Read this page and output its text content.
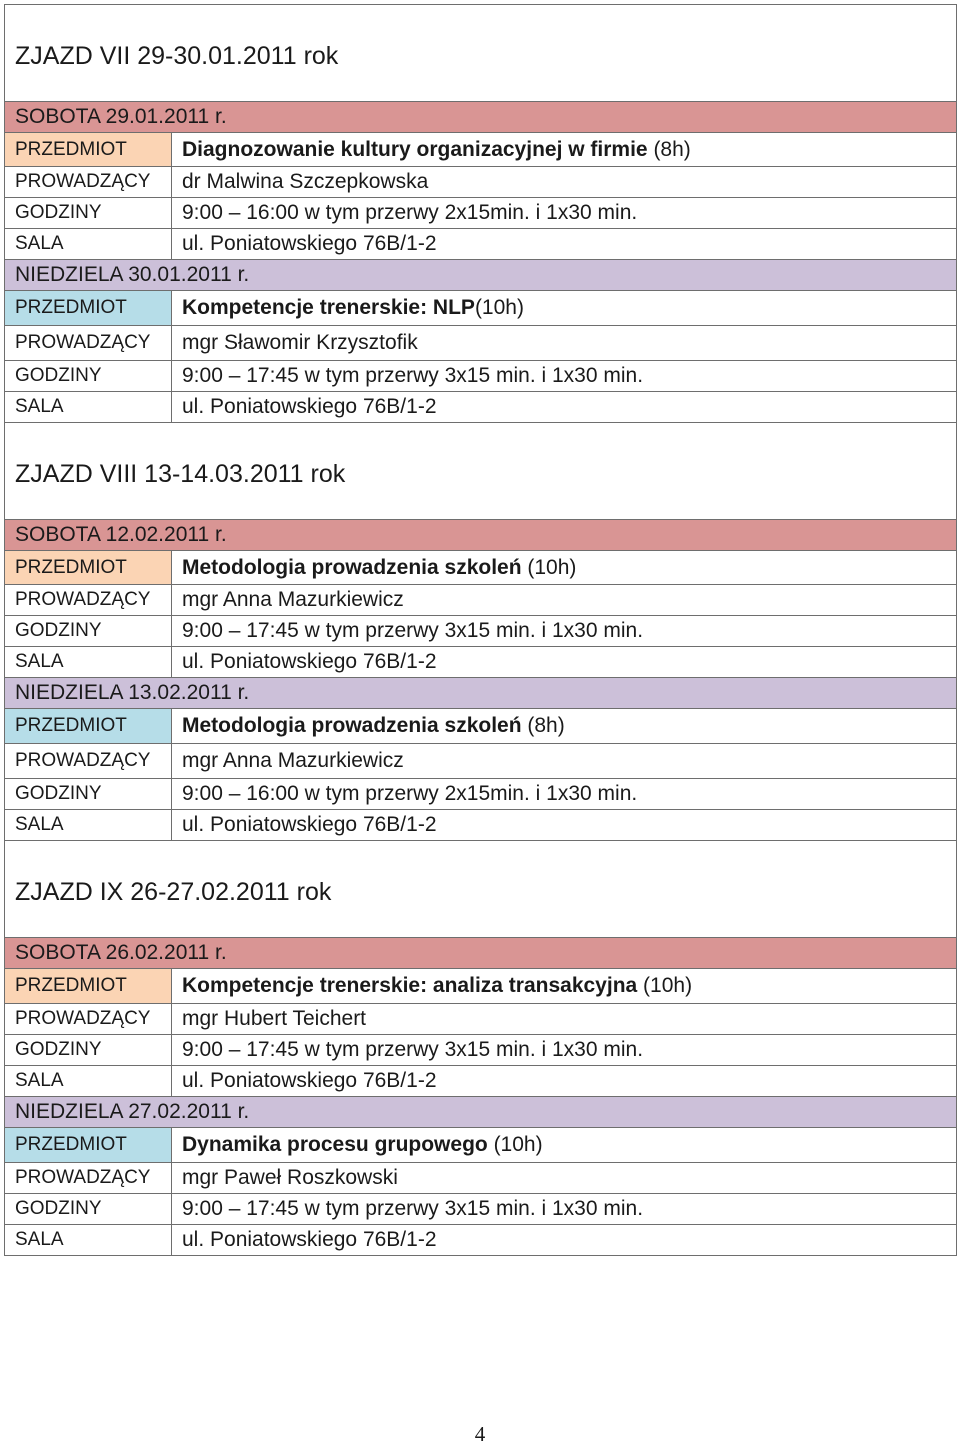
ZJAZD VII 29-30.01.2011 rok	

SOBOTA 29.01.2011 r.	
PRZEDMIOT	Diagnozowanie kultury organizacyjnej w firmie (8h)
PROWADZĄCY	dr Malwina Szczepkowska
GODZINY	9:00 – 16:00 w tym przerwy 2x15min. i 1x30 min.
SALA	ul. Poniatowskiego 76B/1-2
NIEDZIELA 30.01.2011 r.	
PRZEDMIOT	Kompetencje trenerskie: NLP(10h)
PROWADZĄCY	mgr Sławomir Krzysztofik
GODZINY	9:00 – 17:45 w tym przerwy 3x15 min. i 1x30 min.
SALA	ul. Poniatowskiego 76B/1-2

ZJAZD VIII 13-14.03.2011 rok	

SOBOTA 12.02.2011 r.	
PRZEDMIOT	Metodologia prowadzenia szkoleń (10h)
PROWADZĄCY	mgr Anna Mazurkiewicz
GODZINY	9:00 – 17:45 w tym przerwy 3x15 min. i 1x30 min.
SALA	ul. Poniatowskiego 76B/1-2
NIEDZIELA 13.02.2011 r.	
PRZEDMIOT	Metodologia prowadzenia szkoleń (8h)
PROWADZĄCY	mgr Anna Mazurkiewicz
GODZINY	9:00 – 16:00 w tym przerwy 2x15min. i 1x30 min.
SALA	ul. Poniatowskiego 76B/1-2

ZJAZD IX 26-27.02.2011 rok	

SOBOTA 26.02.2011 r.	
PRZEDMIOT	Kompetencje trenerskie: analiza transakcyjna (10h)
PROWADZĄCY	mgr Hubert Teichert
GODZINY	9:00 – 17:45 w tym przerwy 3x15 min. i 1x30 min.
SALA	ul. Poniatowskiego 76B/1-2
NIEDZIELA 27.02.2011 r.	
PRZEDMIOT	Dynamika procesu grupowego (10h)
PROWADZĄCY	mgr Paweł Roszkowski
GODZINY	9:00 – 17:45 w tym przerwy 3x15 min. i 1x30 min.
SALA	ul. Poniatowskiego 76B/1-2
4
